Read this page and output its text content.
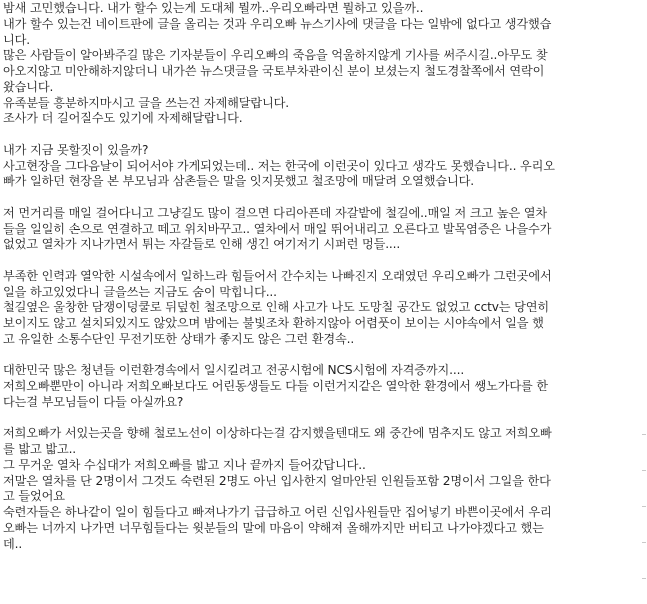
밤새 고민했습니다. 내가 할수 있는게 도대체 뭘까..우리오빠라면 뭘하고 있을까..
내가 할수 있는건 네이트판에 글을 올리는 것과 우리오빠 뉴스기사에 댓글을 다는 일밖에 없다고 생각했습
니다.
많은 사람들이 알아봐주길 많은 기자분들이 우리오빠의 죽음을 억울하지않게 기사를 써주시길..아무도 찾
아오지않고 미안해하지않더니 내가쓴 뉴스댓글을 국토부차관이신 분이 보셨는지 철도경찰쪽에서 연락이
왔습니다.
유족분들 흥분하지마시고 글을 쓰는건 자제해달랍니다.
조사가 더 길어질수도 있기에 자제해달랍니다.
내가 지금 못할짓이 있을까?
사고현장을 그다음날이 되어서야 가게되었는데.. 저는 한국에 이런곳이 있다고 생각도 못했습니다.. 우리오
빠가 일하던 현장을 본 부모님과 삼촌들은 말을 잇지못했고 철조망에 매달려 오열했습니다.
저 먼거리를 매일 걸어다니고 그냥길도 많이 걸으면 다리아픈데 자갈밭에 철길에..매일 저 크고 높은 열차
들을 일일히 손으로 연결하고 떼고 위치바꾸고.. 열차에서 매일 뛰어내리고 오른다고 발목염증은 나을수가
없었고 열차가 지나가면서 튀는 자갈들로 인해 생긴 여기저기 시퍼런 멍들....
부족한 인력과 열악한 시설속에서 일하느라 힘들어서 간수치는 나빠진지 오래였던 우리오빠가 그런곳에서
일을 하고있었다니 글을쓰는 지금도 숨이 막힙니다...
철길옆은 울창한 담쟁이덩쿨로 뒤덮힌 철조망으로 인해 사고가 나도 도망칠 공간도 없었고 cctv는 당연히
보이지도 않고 설치되있지도 않았으며 밤에는 불빛조차 환하지않아 어렴풋이 보이는 시야속에서 일을 했
고 유일한 소통수단인 무전기또한 상태가 좋지도 않은 그런 환경속..
대한민국 많은 청년들 이런환경속에서 일시킬려고 전공시험에 NCS시험에 자격증까지....
저희오빠뿐만이 아니라 저희오빠보다도 어린동생들도 다들 이런거지같은 열악한 환경에서 쌩노가다를 한
다는걸 부모님들이 다들 아실까요?
저희오빠가 서있는곳을 향해 철로노선이 이상하다는걸 감지했을텐대도 왜 중간에 멈추지도 않고 저희오빠
를 밟고 밟고..
그 무거운 열차 수십대가 저희오빠를 밟고 지나 끝까지 들어갔답니다..
저말은 열차를 단 2명이서 그것도 숙련된 2명도 아닌 입사한지 얼마안된 인원들포함 2명이서 그일을 한다
고 들었어요
숙련자들은 하나같이 일이 힘들다고 빠져나가기 급급하고 어린 신입사원들만 집어넣기 바쁜이곳에서 우리
오빠는 너까지 나가면 너무힘들다는 윗분들의 말에 마음이 약해져 올해까지만 버티고 나가야겠다고 했는
데..
